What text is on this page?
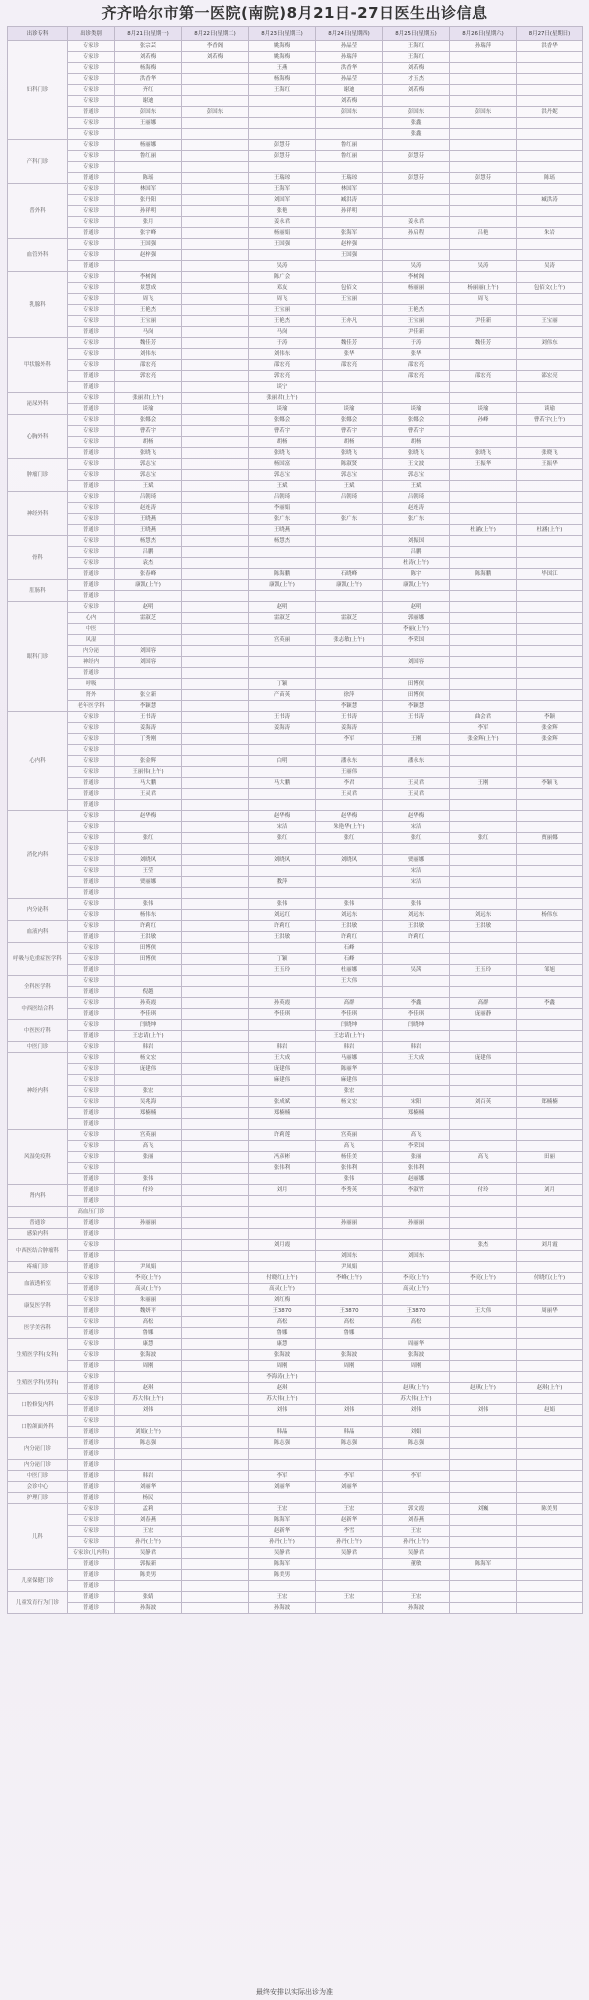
齐齐哈尔市第一医院(南院)8月21日-27日医生出诊信息
出诊专科	出诊类别	8月21日(星期一)	8月22日(星期二)	8月23日(星期三)	8月24日(星期四)	8月25日(星期五)	8月26日(星期六)	8月27日(星期日)
妇科门诊	专家诊	张宗芸	李香阁	姚海梅	孙晶莹	王海红	孙瑞萍	洪香华
	专家诊	刘若梅	刘若梅	姚海梅	孙瑞萍	王海红		
	专家诊	杨海梅		王燕	洪香华	刘若梅		
	专家诊	洪香华		杨海梅	孙晶莹	才玉杰		
	专家诊	齐红		王海红	谢迪	刘若梅		
	专家诊	谢迪			刘若梅			
	普通诊	彭国东	彭国东		彭国东	彭国东	彭国东	洪丹妮
	专家诊	王丽娜				张鑫		
	专家诊					张鑫		
产科门诊	专家诊	杨丽娜		彭慧芬	鲁红丽			
	专家诊	鲁红丽		彭慧芬	鲁红丽	彭慧芬		
	专家诊							
	普通诊	陈瑶		王瑞琼	王瑞琼	彭慧芬	彭慧芬	陈瑶
普外科	专家诊	林国军		王海军	林国军			
	专家诊	张丹阳		刘国军	臧洪涛			臧洪涛
	专家诊	孙祥明		张艳	孙祥明			
	专家诊	张月		姜永君		姜永君		
	普通诊	张宇峰		杨丽娟	张海军	孙启程	吕艳	朱岩
血管外科	专家诊	王国强		王国强	赵梓强			
	专家诊	赵梓强			王国强			
	普通诊			吴涛		吴涛	吴涛	吴涛
乳腺科	专家诊	李树阁		陈广会		李树阁		
	专家诊	景慧成		邓友	包佰文	杨丽丽	杨丽丽(上午)	包佰文(上午)
	专家诊	周飞		周飞	王宝丽		周飞	
	专家诊	王艳杰		王宝丽		王艳杰		
	专家诊	王宝丽		王艳杰	王亦凡	王宝丽	尹佳新	王宝丽
	普通诊	马岗		马岗		尹佳新		
甲状腺外科	专家诊	魏佳芳		于涛	魏佳芳	于涛	魏佳芳	刘伟东
	专家诊	刘伟东		刘伟东	张华	张华		
	专家诊	邵宏亮		邵宏亮	邵宏亮	邵宏亮		
	普通诊	郭宏亮		郭宏亮		邵宏亮	邵宏亮	邵宏亮
	普通诊			谈宁				
泌尿外科	专家诊	张丽君(上午)		张丽君(上午)				
	普通诊	谈瑜		谈瑜	谈瑜	谈瑜	谈瑜	谈瑜
心胸外科	专家诊	张娜会		张娜会	张娜会	张娜会	孙峰	曹若宇(上午)
	专家诊	曹若宇		曹若宇	曹若宇	曹若宇		
	专家诊	胡杨		胡杨	胡杨	胡杨		
	普通诊	张晓飞		张晓飞	张晓飞	张晓飞	张晓飞	张晓飞
肿瘤门诊	专家诊	郭志宝		杨国富	陈淑贤	王文波	王振华	王振华
	专家诊	郭志宝		郭志宝	郭志宝	郭志宝		
	普通诊	王斌		王斌	王斌	王斌		
神经外科	专家诊	吕朝琦		吕朝琦	吕朝琦	吕朝琦		
	专家诊	赵连涛		李丽娟		赵连涛		
	专家诊	王晓燕		张广东	张广东	张广东		
	普通诊	王晓燕		王晓燕			杜涵(上午)	杜涵(上午)
骨科	专家诊	杨慧杰		杨慧杰		刘振国		
	专家诊	吕鹏				吕鹏		
	专家诊	袁杰				杜涛(上午)		
	普通诊	张春峰		陈海鹏	石晓峰	陈宇	陈海鹏	毕国江
肛肠科	普通诊	康凯(上午)		康凯(上午)	康凯(上午)	康凯(上午)		
	普通诊							
眼科门诊	专家诊	赵明		赵明		赵明		
	心内	雷淑芝		雷淑芝	雷淑芝	郭丽娜		
	中医					李丽(上午)		
	风湿			宫英丽	张志敏(上午)	李荣国		
	内分泌	刘国容						
	神经内	刘国容				刘国容		
	普通诊							
	呼吸			丁颖		田博侠		
	肾外	张立新		产苗英	徐萍	田博侠		
	老年医学科	李颖慧			李颖慧	李颖慧		
心内科	专家诊	王书涛		王书涛	王书涛	王书涛	曲会君	李颖
	专家诊	姜海涛		姜海涛	姜海涛		李军	张金辉
	专家诊	丁秀刚			李军	王刚	张金辉(上午)	张金辉
	专家诊							
	专家诊	张金辉		白明	潘永东	潘永东		
	专家诊	王丽伟(上午)			王丽伟			
	普通诊	马大鹏		马大鹏	李君	王灵君	王刚	李颖飞
	普通诊	王灵君			王灵君	王灵君		
	普通诊							
消化内科	专家诊	赵华梅		赵华梅	赵华梅	赵华梅		
	专家诊			宋洁	朱艳华(上午)	宋洁		
	专家诊	张红		张红	张红	张红	张红	贾丽娜
	专家诊							
	专家诊	刘晓风		刘晓风	刘晓风	贾丽娜		
	专家诊	王莹				宋洁		
	普通诊	贾丽娜		教萍		宋洁		
	普通诊							
内分泌科	专家诊	张伟		张伟	张伟	张伟		
	专家诊	杨伟东		刘远红	刘远东	刘远东	刘远东	杨伟东
血液内科	专家诊	许莉红		许莉红	王洪敏	王洪敏	王洪敏	
	普通诊	王洪敏		王洪敏	许莉红	许莉红		
呼吸与危重症医学科	专家诊	田博侠			石峰			
	专家诊	田博侠		丁颖	石峰			
	普通诊			王玉玲	杜丽娜	吴茜	王玉玲	邹旭
全科医学科	专家诊				王大伟			
	普通诊	倪越						
中西医结合科	专家诊	孙英霞		孙英霞	高群	李鑫	高群	李鑫
	普通诊	李佳琪		李佳琪	李佳琪	李佳琪	庞丽静	
中医医疗科	专家诊	闫晓坤			闫晓坤	闫晓坤		
	普通诊	王忠请(上午)			王忠请(上午)			
中医门诊	专家诊	韩岩		韩岩	韩岩	韩岩		
神经内科	专家诊	杨文宏		王大成	马丽娜	王大成	庞建伟	
	专家诊	庞建伟		庞建伟	陈丽华			
	专家诊			麻建伟	麻建伟			
	专家诊	张宏			张宏			
	专家诊	吴兆海		张成斌	杨文宏	宋阳	刘百英	郑楠楠
	普通诊	郑楠楠		郑楠楠		郑楠楠		
	普通诊							
风湿免疫科	专家诊	宫英丽		许莉莲	宫英丽	高飞		
	专家诊	高飞			高飞	李荣国		
	专家诊	张丽		冯彦彬	杨佳美	张丽	高飞	田丽
	专家诊			张伟利	张伟利	张伟利		
	普通诊	张伟			张伟	赵丽娜		
肾内科	普通诊	付玲		刘月	李秀英	李淑竹	付玲	刘月
	普通诊							
	高血压门诊							
普通诊	普通诊	孙丽丽			孙丽丽	孙丽丽		
感染内科	普通诊							
中西医结合肿瘤科	专家诊			刘月霞			张杰	刘月霞
	普通诊				刘国东	刘国东		
疼痛门诊	普通诊	尹凤娟			尹凤娟			
血液透析室	专家诊	李亮(上午)		付晓红(上午)	李峰(上午)	李亮(上午)	李亮(上午)	付晓红(上午)
	普通诊	高灵(上午)		高灵(上午)		高灵(上午)		
康复医学科	专家诊	朱丽丽		刘红梅				
	普通诊	魏妍平		王3870	王3870	王3870	王大伟	周丽华
医学美容科	专家诊	高松		高松	高松	高松		
	普通诊	鲁娜		鲁娜	鲁娜			
生殖医学科(女科)	专家诊	康慧		康慧		周丽华		
	专家诊	张海波		张海波	张海波	张海波		
	普通诊	周刚		周刚	周刚	周刚		
生殖医学科(男科)	专家诊			李海涛(上午)				
	普通诊	赵琪		赵琪		赵琪(上午)	赵琪(上午)	赵琪(上午)
口腔修复内科	专家诊	苏大伟(上午)		苏大伟(上午)		苏大伟(上午)		
	普通诊	刘伟		刘伟	刘伟	刘伟	刘伟	赵娟
口腔颌面外科	专家诊							
	普通诊	刘娟(上午)		韩晶	韩晶	刘娟		
内分泌门诊	普通诊	陈志强		陈志强	陈志强	陈志强		
	普通诊							
内分泌门诊	普通诊							
中医门诊	普通诊	韩岩		李军	李军	李军		
会诊中心	普通诊	刘丽华		刘丽华	刘丽华			
护理门诊	普通诊	杨民						
儿科	专家诊	孟莉		王宏	王宏	郭文霞	刘巍	陈美男
	专家诊	刘春燕		陈海军	赵新华	刘春燕		
	专家诊	王宏		赵新华	李雪	王宏		
	专家诊	孙丹(上午)		孙丹(上午)	孙丹(上午)	孙丹(上午)		
	专家诊(儿内科)	吴静君		吴静君	吴静君	吴静君		
	普通诊	郭振新		陈海军		董敏	陈海军	
儿童保健门诊	普通诊	陈美男		陈美男				
	普通诊							
儿童发育行为门诊	普通诊	张婧		王宏	王宏	王宏		
	普通诊	孙海波		孙海波		孙海波		
最终安排以实际出诊为准
